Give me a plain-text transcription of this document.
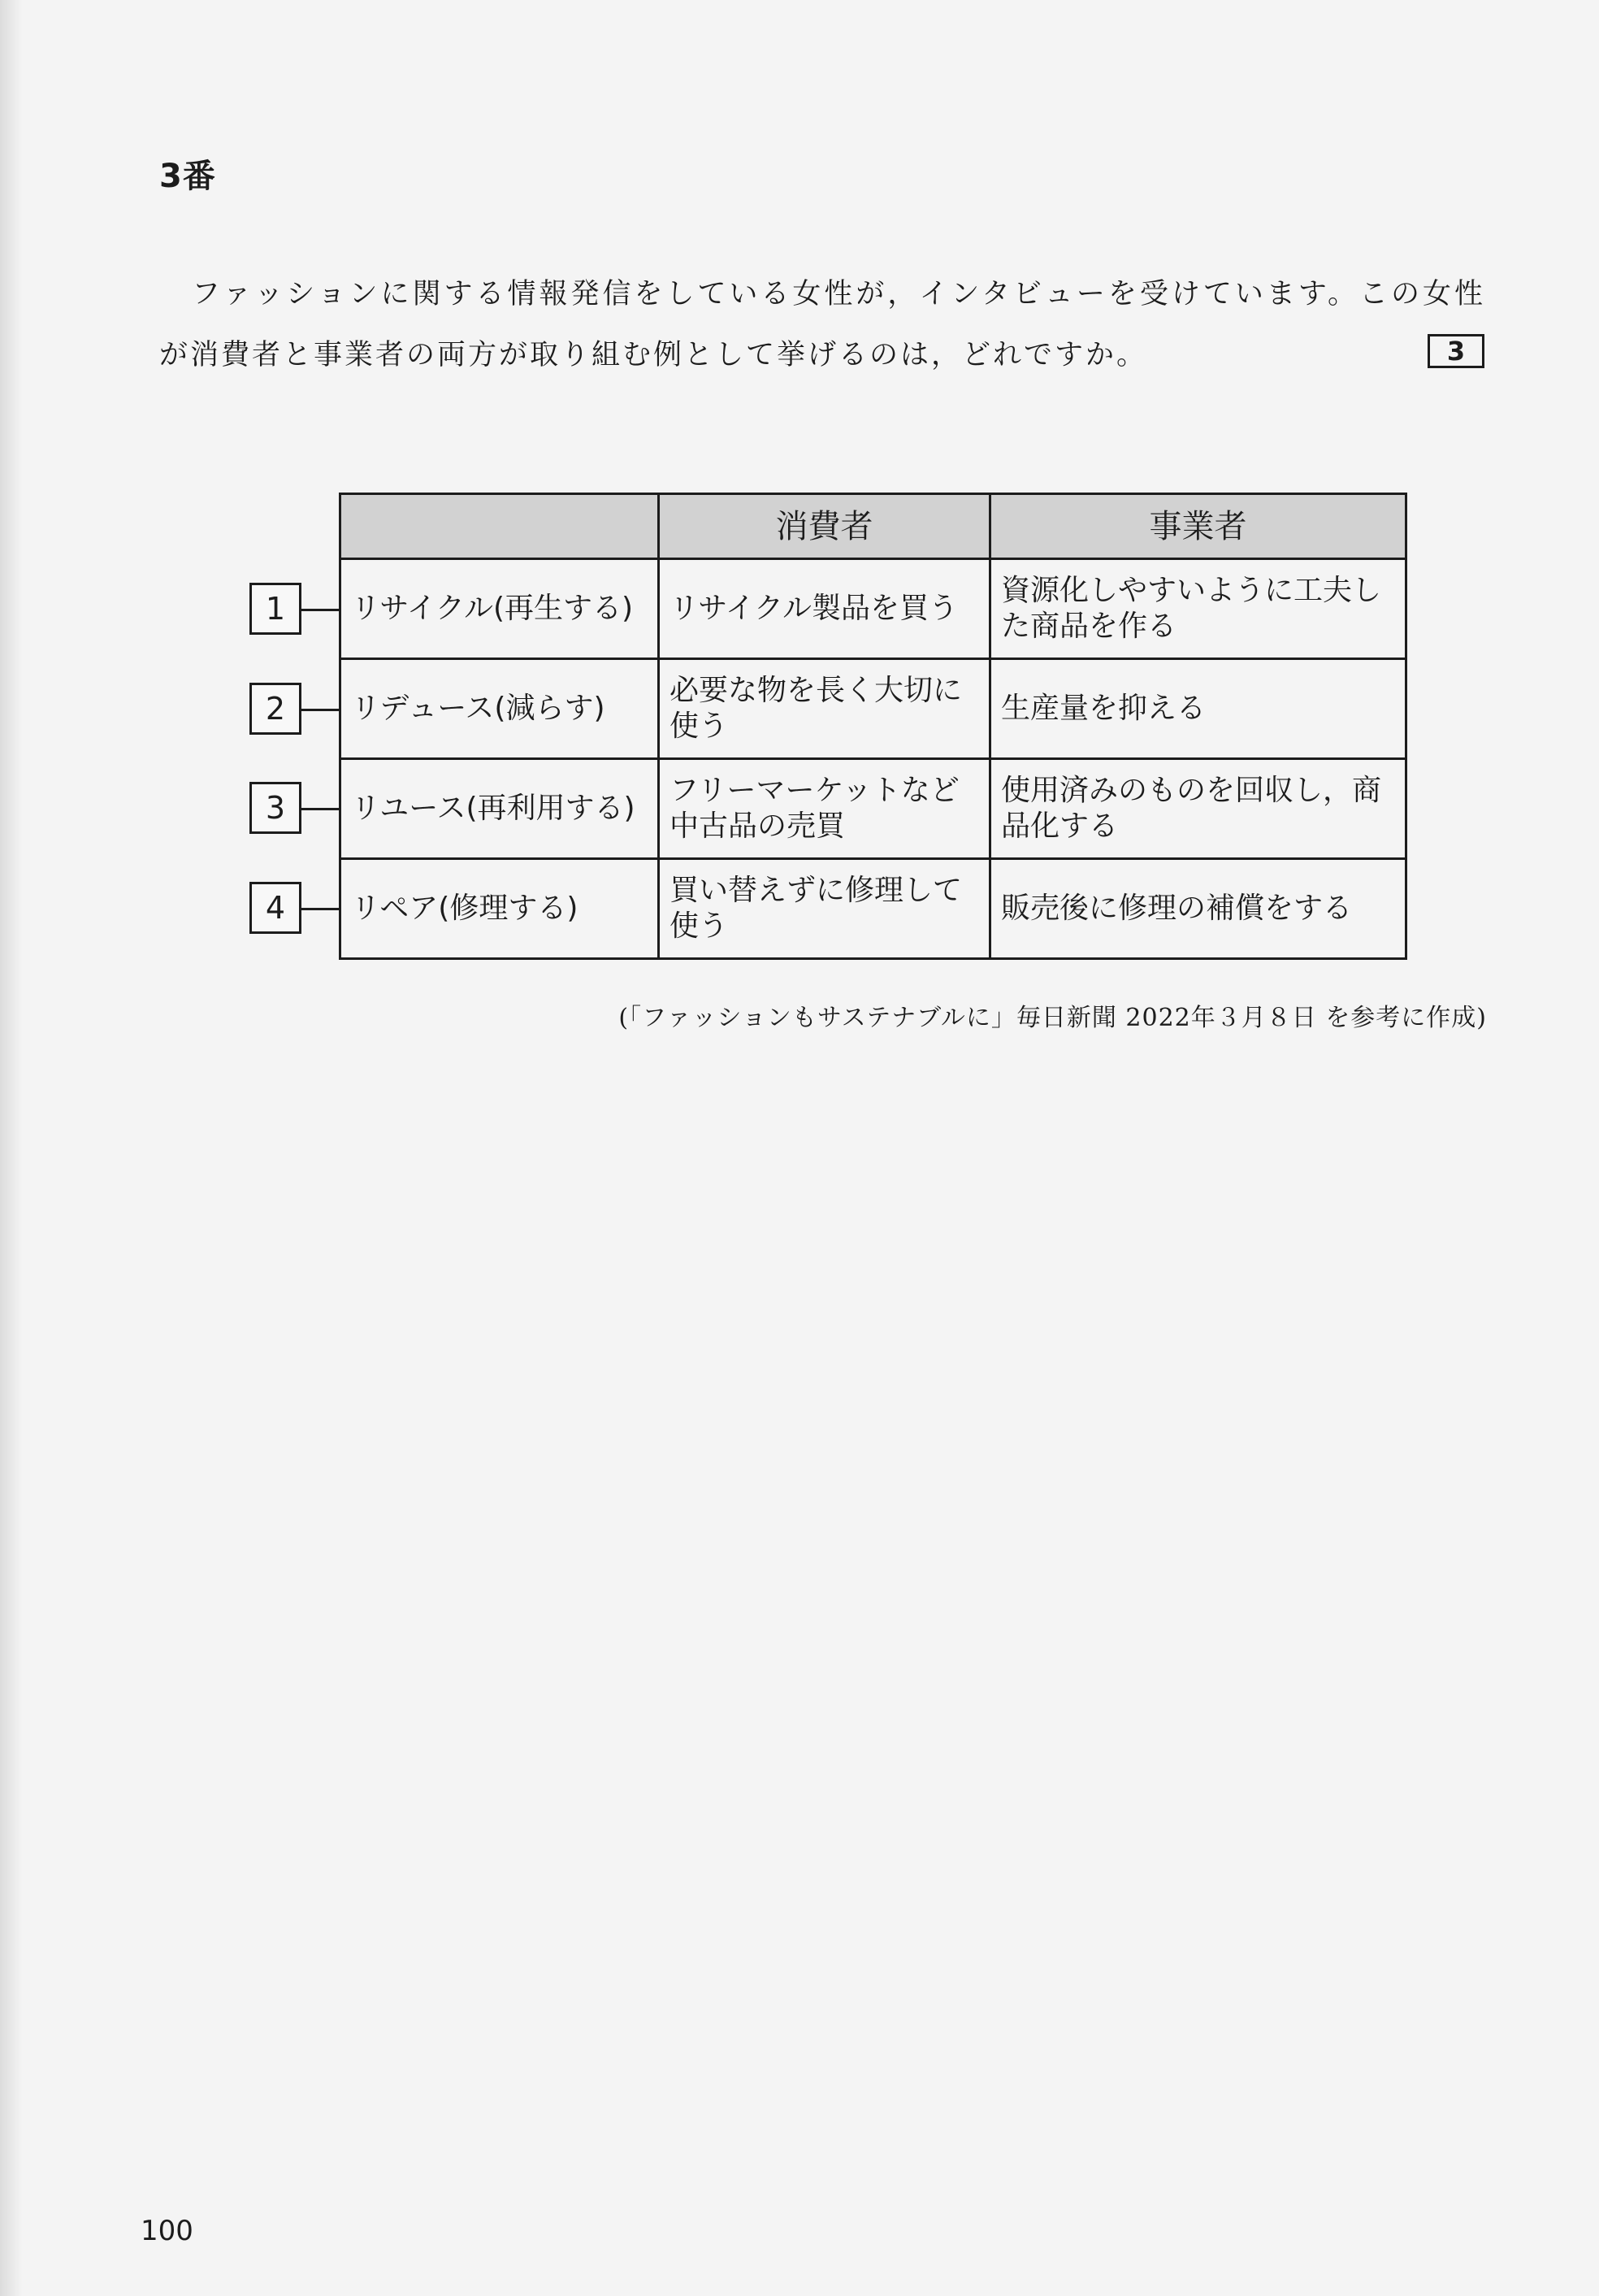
3番
ファッションに関する情報発信をしている女性が，インタビューを受けています。この女性
が消費者と事業者の両方が取り組む例として挙げるのは，どれですか。	3
	消費者	事業者
リサイクル(再生する)	リサイクル製品を買う	資源化しやすいように工夫した商品を作る
リデュース(減らす)	必要な物を長く大切に使う	生産量を抑える
リユース(再利用する)	フリーマーケットなど中古品の売買	使用済みのものを回収し，商品化する
リペア(修理する)	買い替えずに修理して使う	販売後に修理の補償をする
1
2
3
4
(「ファッションもサステナブルに」毎日新聞 2022年３月８日 を参考に作成)
100
